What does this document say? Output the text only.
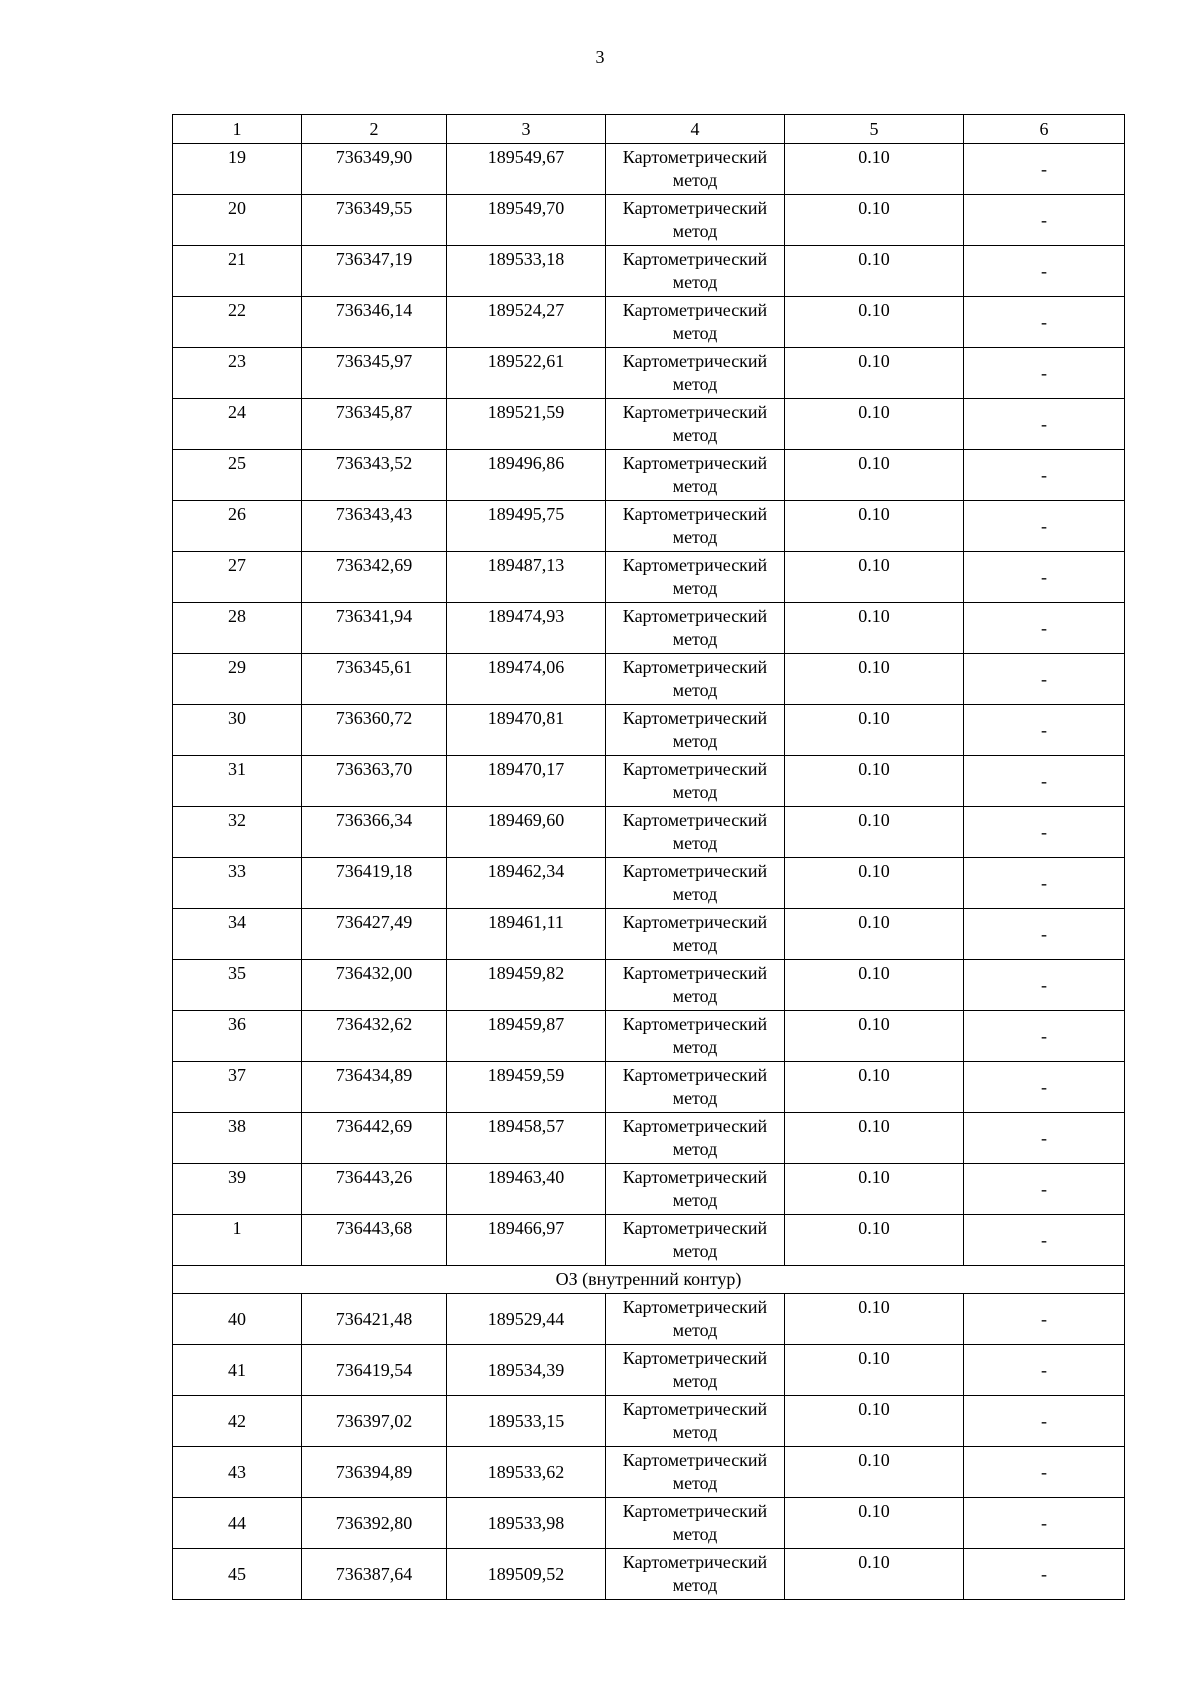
3
1	2	3	4	5	6
19	736349,90	189549,67	Картометрический метод	0.10	-
20	736349,55	189549,70	Картометрический метод	0.10	-
21	736347,19	189533,18	Картометрический метод	0.10	-
22	736346,14	189524,27	Картометрический метод	0.10	-
23	736345,97	189522,61	Картометрический метод	0.10	-
24	736345,87	189521,59	Картометрический метод	0.10	-
25	736343,52	189496,86	Картометрический метод	0.10	-
26	736343,43	189495,75	Картометрический метод	0.10	-
27	736342,69	189487,13	Картометрический метод	0.10	-
28	736341,94	189474,93	Картометрический метод	0.10	-
29	736345,61	189474,06	Картометрический метод	0.10	-
30	736360,72	189470,81	Картометрический метод	0.10	-
31	736363,70	189470,17	Картометрический метод	0.10	-
32	736366,34	189469,60	Картометрический метод	0.10	-
33	736419,18	189462,34	Картометрический метод	0.10	-
34	736427,49	189461,11	Картометрический метод	0.10	-
35	736432,00	189459,82	Картометрический метод	0.10	-
36	736432,62	189459,87	Картометрический метод	0.10	-
37	736434,89	189459,59	Картометрический метод	0.10	-
38	736442,69	189458,57	Картометрический метод	0.10	-
39	736443,26	189463,40	Картометрический метод	0.10	-
1	736443,68	189466,97	Картометрический метод	0.10	-
ОЗ (внутренний контур)					
40	736421,48	189529,44	Картометрический метод	0.10	-
41	736419,54	189534,39	Картометрический метод	0.10	-
42	736397,02	189533,15	Картометрический метод	0.10	-
43	736394,89	189533,62	Картометрический метод	0.10	-
44	736392,80	189533,98	Картометрический метод	0.10	-
45	736387,64	189509,52	Картометрический метод	0.10	-
